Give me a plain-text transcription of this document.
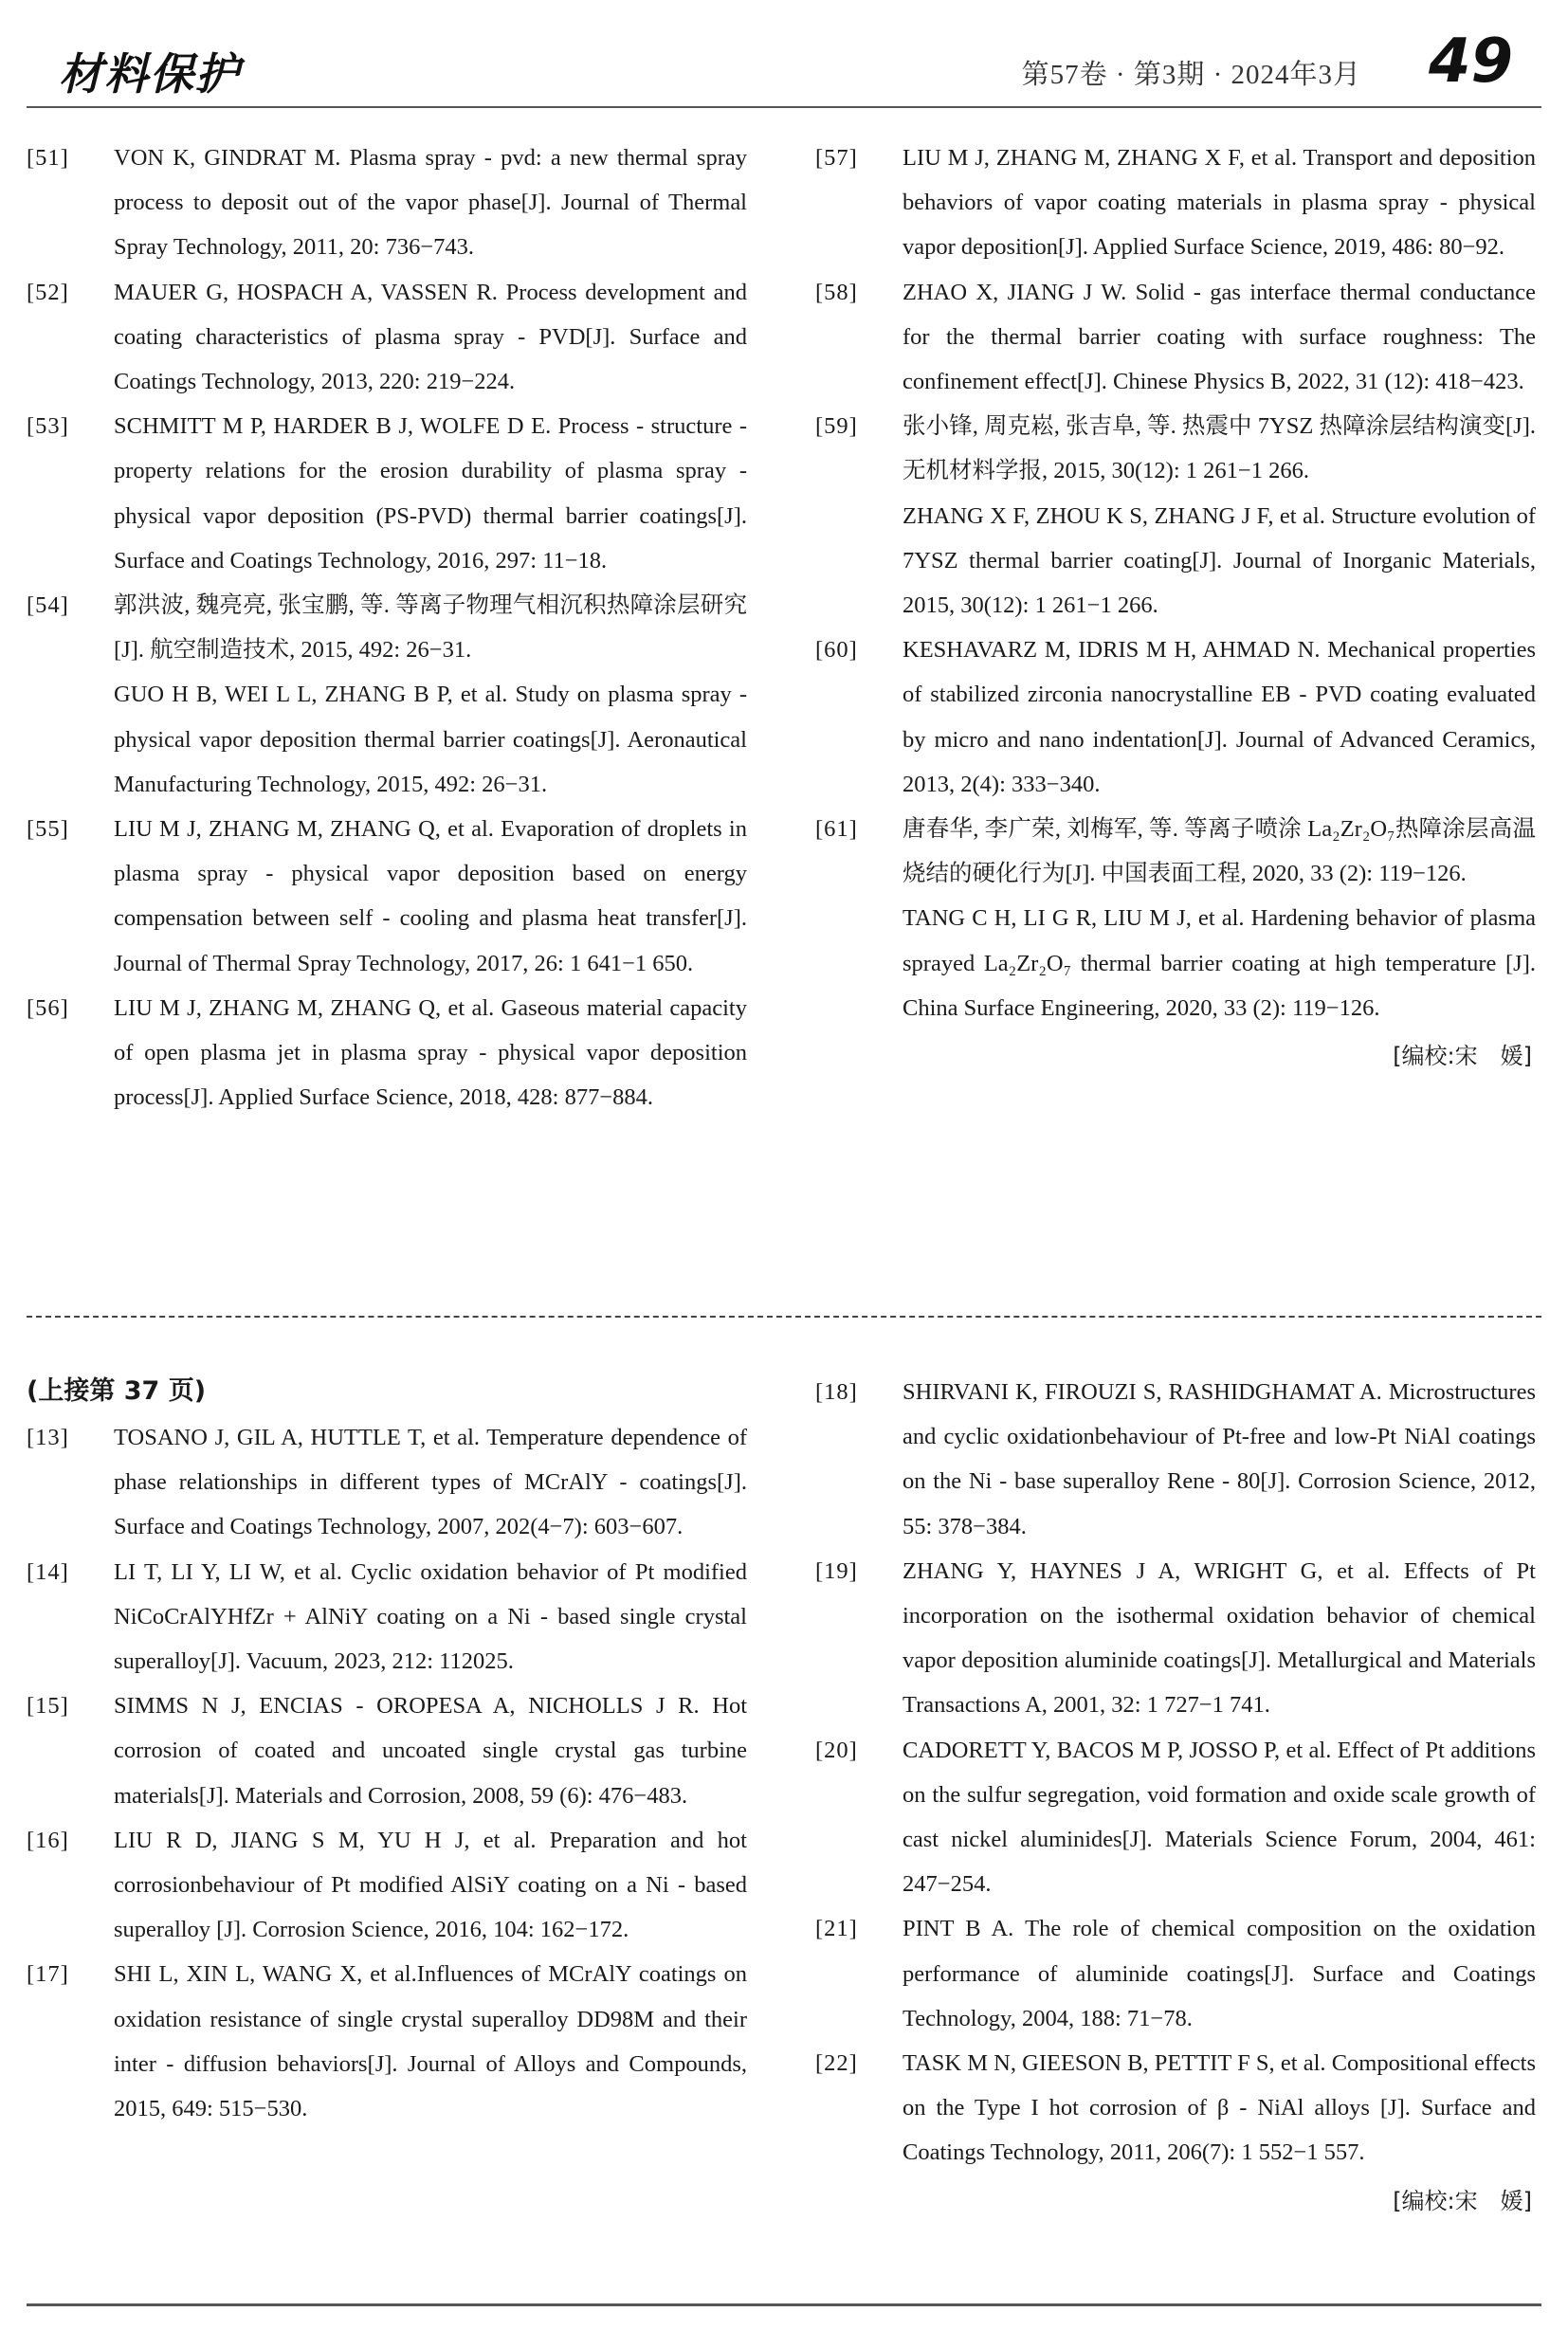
材料保护	第57卷 · 第3期 · 2024年3月 49
[51]	VON K, GINDRAT M. Plasma spray - pvd: a new thermal spray process to deposit out of the vapor phase[J]. Journal of Thermal Spray Technology, 2011, 20: 736−743.

[52]	MAUER G, HOSPACH A, VASSEN R. Process development and coating characteristics of plasma spray - PVD[J]. Surface and Coatings Technology, 2013, 220: 219−224.

[53]	SCHMITT M P, HARDER B J, WOLFE D E. Process - structure - property relations for the erosion durability of plasma spray - physical vapor deposition (PS-PVD) thermal barrier coatings[J]. Surface and Coatings Technology, 2016, 297: 11−18.

[54]	郭洪波, 魏亮亮, 张宝鹏, 等. 等离子物理气相沉积热障涂层研究[J]. 航空制造技术, 2015, 492: 26−31.

GUO H B, WEI L L, ZHANG B P, et al. Study on plasma spray - physical vapor deposition thermal barrier coatings[J]. Aeronautical Manufacturing Technology, 2015, 492: 26−31.

[55]	LIU M J, ZHANG M, ZHANG Q, et al. Evaporation of droplets in plasma spray - physical vapor deposition based on energy compensation between self - cooling and plasma heat transfer[J]. Journal of Thermal Spray Technology, 2017, 26: 1 641−1 650.

[56]	LIU M J, ZHANG M, ZHANG Q, et al. Gaseous material capacity of open plasma jet in plasma spray - physical vapor deposition process[J]. Applied Surface Science, 2018, 428: 877−884.

[57]	LIU M J, ZHANG M, ZHANG X F, et al. Transport and deposition behaviors of vapor coating materials in plasma spray - physical vapor deposition[J]. Applied Surface Science, 2019, 486: 80−92.

[58]	ZHAO X, JIANG J W. Solid - gas interface thermal conductance for the thermal barrier coating with surface roughness: The confinement effect[J]. Chinese Physics B, 2022, 31 (12): 418−423.

[59]	张小锋, 周克崧, 张吉阜, 等. 热震中 7YSZ 热障涂层结构演变[J]. 无机材料学报, 2015, 30(12): 1 261−1 266.

ZHANG X F, ZHOU K S, ZHANG J F, et al. Structure evolution of 7YSZ thermal barrier coating[J]. Journal of Inorganic Materials, 2015, 30(12): 1 261−1 266.

[60]	KESHAVARZ M, IDRIS M H, AHMAD N. Mechanical properties of stabilized zirconia nanocrystalline EB - PVD coating evaluated by micro and nano indentation[J]. Journal of Advanced Ceramics, 2013, 2(4): 333−340.

[61]	唐春华, 李广荣, 刘梅军, 等. 等离子喷涂 La₂Zr₂O₇热障涂层高温烧结的硬化行为[J]. 中国表面工程, 2020, 33 (2): 119−126.

TANG C H, LI G R, LIU M J, et al. Hardening behavior of plasma sprayed La₂Zr₂O₇ thermal barrier coating at high temperature [J]. China Surface Engineering, 2020, 33 (2): 119−126.

[编校:宋　媛]
(上接第 37 页)
[13]	TOSANO J, GIL A, HUTTLE T, et al. Temperature dependence of phase relationships in different types of MCrAlY - coatings[J]. Surface and Coatings Technology, 2007, 202(4−7): 603−607.

[14]	LI T, LI Y, LI W, et al. Cyclic oxidation behavior of Pt modified NiCoCrAlYHfZr + AlNiY coating on a Ni - based single crystal superalloy[J]. Vacuum, 2023, 212: 112025.

[15]	SIMMS N J, ENCIAS - OROPESA A, NICHOLLS J R. Hot corrosion of coated and uncoated single crystal gas turbine materials[J]. Materials and Corrosion, 2008, 59 (6): 476−483.

[16]	LIU R D, JIANG S M, YU H J, et al. Preparation and hot corrosionbehaviour of Pt modified AlSiY coating on a Ni - based superalloy [J]. Corrosion Science, 2016, 104: 162−172.

[17]	SHI L, XIN L, WANG X, et al.Influences of MCrAlY coatings on oxidation resistance of single crystal superalloy DD98M and their inter - diffusion behaviors[J]. Journal of Alloys and Compounds, 2015, 649: 515−530.

[18]	SHIRVANI K, FIROUZI S, RASHIDGHAMAT A. Microstructures and cyclic oxidationbehaviour of Pt-free and low-Pt NiAl coatings on the Ni - base superalloy Rene - 80[J]. Corrosion Science, 2012, 55: 378−384.

[19]	ZHANG Y, HAYNES J A, WRIGHT G, et al. Effects of Pt incorporation on the isothermal oxidation behavior of chemical vapor deposition aluminide coatings[J]. Metallurgical and Materials Transactions A, 2001, 32: 1 727−1 741.

[20]	CADORETT Y, BACOS M P, JOSSO P, et al. Effect of Pt additions on the sulfur segregation, void formation and oxide scale growth of cast nickel aluminides[J]. Materials Science Forum, 2004, 461: 247−254.

[21]	PINT B A. The role of chemical composition on the oxidation performance of aluminide coatings[J]. Surface and Coatings Technology, 2004, 188: 71−78.

[22]	TASK M N, GIEESON B, PETTIT F S, et al. Compositional effects on the Type I hot corrosion of β - NiAl alloys [J]. Surface and Coatings Technology, 2011, 206(7): 1 552−1 557.

[编校:宋　媛]
